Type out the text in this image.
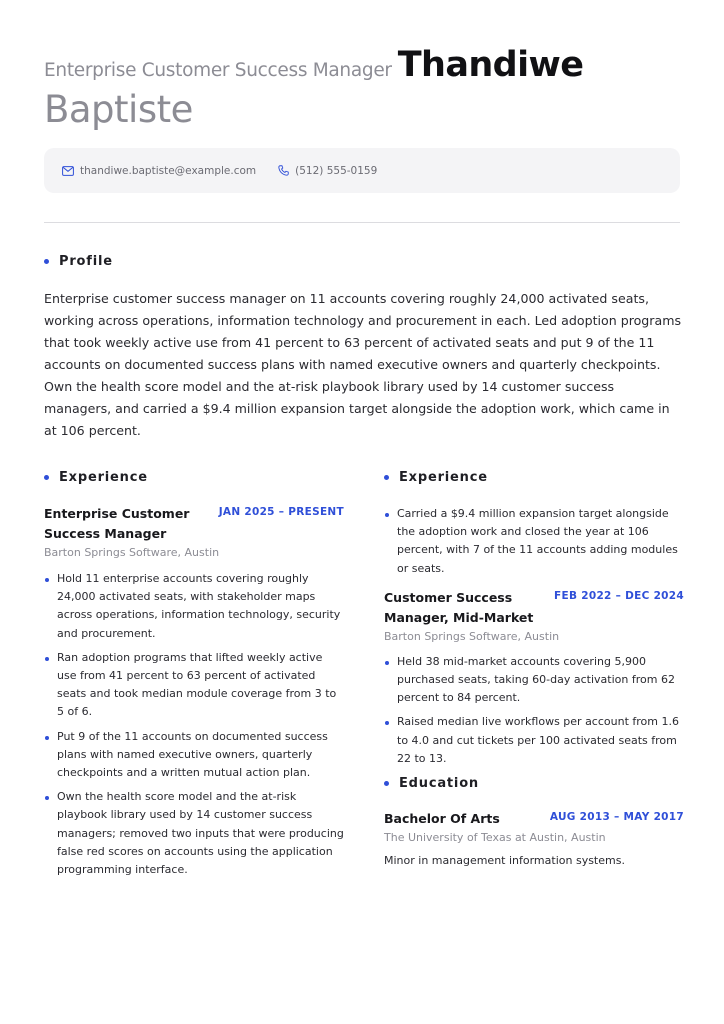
Enterprise Customer Success Manager Thandiwe
Baptiste
thandiwe.baptiste@example.com	(512) 555-0159
Profile
Enterprise customer success manager on 11 accounts covering roughly 24,000 activated seats, working across operations, information technology and procurement in each. Led adoption programs that took weekly active use from 41 percent to 63 percent of activated seats and put 9 of the 11 accounts on documented success plans with named executive owners and quarterly checkpoints. Own the health score model and the at-risk playbook library used by 14 customer success managers, and carried a $9.4 million expansion target alongside the adoption work, which came in at 106 percent.
Experience
Enterprise Customer Success Manager
JAN 2025 – PRESENT
Barton Springs Software, Austin
Hold 11 enterprise accounts covering roughly 24,000 activated seats, with stakeholder maps across operations, information technology, security and procurement.
Ran adoption programs that lifted weekly active use from 41 percent to 63 percent of activated seats and took median module coverage from 3 to 5 of 6.
Put 9 of the 11 accounts on documented success plans with named executive owners, quarterly checkpoints and a written mutual action plan.
Own the health score model and the at-risk playbook library used by 14 customer success managers; removed two inputs that were producing false red scores on accounts using the application programming interface.
Experience
Carried a $9.4 million expansion target alongside the adoption work and closed the year at 106 percent, with 7 of the 11 accounts adding modules or seats.
Customer Success Manager, Mid-Market
FEB 2022 – DEC 2024
Barton Springs Software, Austin
Held 38 mid-market accounts covering 5,900 purchased seats, taking 60-day activation from 62 percent to 84 percent.
Raised median live workflows per account from 1.6 to 4.0 and cut tickets per 100 activated seats from 22 to 13.
Education
Bachelor Of Arts	AUG 2013 – MAY 2017
The University of Texas at Austin, Austin
Minor in management information systems.
